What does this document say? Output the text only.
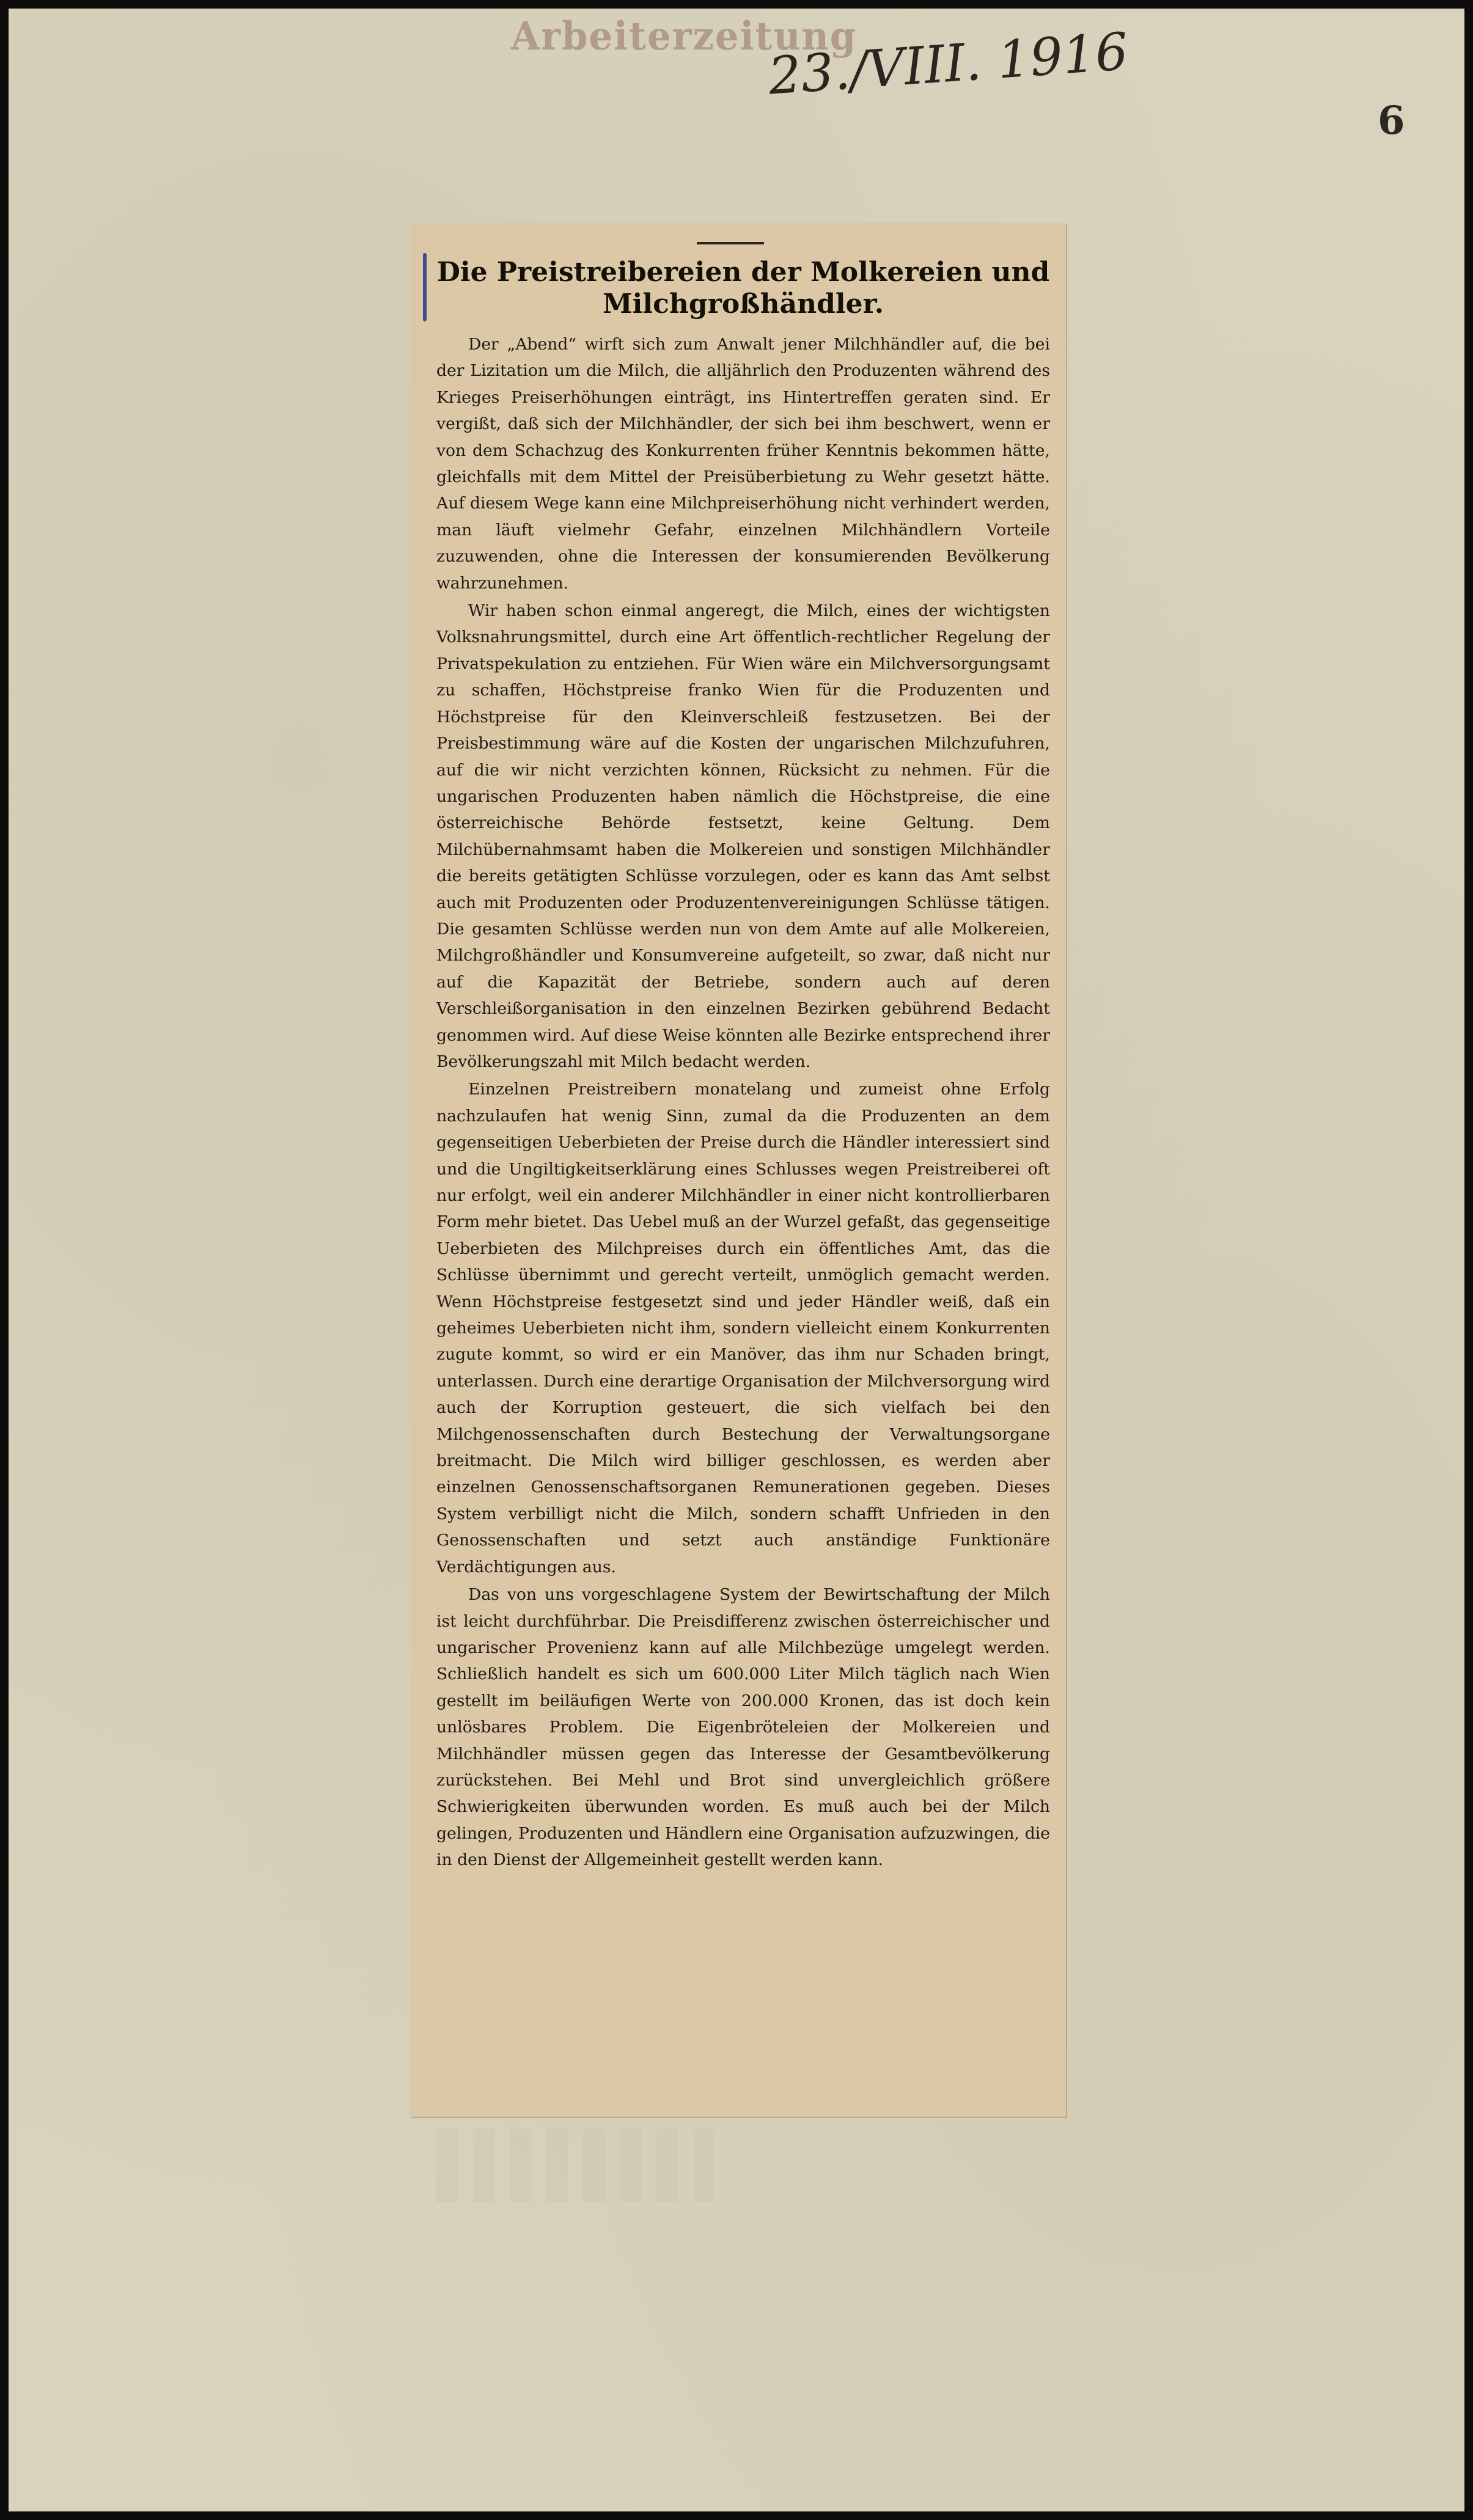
Arbeiterzeitung
23./VIII. 1916
6
Die Preistreibereien der Molkereien und Milchgroßhändler.

Der „Abend“ wirft sich zum Anwalt jener Milchhändler auf, die bei der Lizitation um die Milch, die alljährlich den Produzenten während des Krieges Preiserhöhungen einträgt, ins Hintertreffen geraten sind. Er vergißt, daß sich der Milchhändler, der sich bei ihm beschwert, wenn er von dem Schachzug des Konkurrenten früher Kenntnis bekommen hätte, gleichfalls mit dem Mittel der Preisüberbietung zu Wehr gesetzt hätte. Auf diesem Wege kann eine Milchpreiserhöhung nicht verhindert werden, man läuft vielmehr Gefahr, einzelnen Milchhändlern Vorteile zuzuwenden, ohne die Interessen der konsumierenden Bevölkerung wahrzunehmen.

Wir haben schon einmal angeregt, die Milch, eines der wichtigsten Volksnahrungsmittel, durch eine Art öffentlich-rechtlicher Regelung der Privatspekulation zu entziehen. Für Wien wäre ein Milchversorgungsamt zu schaffen, Höchstpreise franko Wien für die Produzenten und Höchstpreise für den Kleinverschleiß festzusetzen. Bei der Preisbestimmung wäre auf die Kosten der ungarischen Milchzufuhren, auf die wir nicht verzichten können, Rücksicht zu nehmen. Für die ungarischen Produzenten haben nämlich die Höchstpreise, die eine österreichische Behörde festsetzt, keine Geltung. Dem Milchübernahmsamt haben die Molkereien und sonstigen Milchhändler die bereits getätigten Schlüsse vorzulegen, oder es kann das Amt selbst auch mit Produzenten oder Produzentenvereinigungen Schlüsse tätigen. Die gesamten Schlüsse werden nun von dem Amte auf alle Molkereien, Milchgroßhändler und Konsumvereine aufgeteilt, so zwar, daß nicht nur auf die Kapazität der Betriebe, sondern auch auf deren Verschleißorganisation in den einzelnen Bezirken gebührend Bedacht genommen wird. Auf diese Weise könnten alle Bezirke entsprechend ihrer Bevölkerungszahl mit Milch bedacht werden.

Einzelnen Preistreibern monatelang und zumeist ohne Erfolg nachzulaufen hat wenig Sinn, zumal da die Produzenten an dem gegenseitigen Ueberbieten der Preise durch die Händler interessiert sind und die Ungiltigkeitserklärung eines Schlusses wegen Preistreiberei oft nur erfolgt, weil ein anderer Milchhändler in einer nicht kontrollierbaren Form mehr bietet. Das Uebel muß an der Wurzel gefaßt, das gegenseitige Ueberbieten des Milchpreises durch ein öffentliches Amt, das die Schlüsse übernimmt und gerecht verteilt, unmöglich gemacht werden. Wenn Höchstpreise festgesetzt sind und jeder Händler weiß, daß ein geheimes Ueberbieten nicht ihm, sondern vielleicht einem Konkurrenten zugute kommt, so wird er ein Manöver, das ihm nur Schaden bringt, unterlassen. Durch eine derartige Organisation der Milchversorgung wird auch der Korruption gesteuert, die sich vielfach bei den Milchgenossenschaften durch Bestechung der Verwaltungsorgane breitmacht. Die Milch wird billiger geschlossen, es werden aber einzelnen Genossenschaftsorganen Remunerationen gegeben. Dieses System verbilligt nicht die Milch, sondern schafft Unfrieden in den Genossenschaften und setzt auch anständige Funktionäre Verdächtigungen aus.

Das von uns vorgeschlagene System der Bewirtschaftung der Milch ist leicht durchführbar. Die Preisdifferenz zwischen österreichischer und ungarischer Provenienz kann auf alle Milchbezüge umgelegt werden. Schließlich handelt es sich um 600.000 Liter Milch täglich nach Wien gestellt im beiläufigen Werte von 200.000 Kronen, das ist doch kein unlösbares Problem. Die Eigenbröteleien der Molkereien und Milchhändler müssen gegen das Interesse der Gesamtbevölkerung zurückstehen. Bei Mehl und Brot sind unvergleichlich größere Schwierigkeiten überwunden worden. Es muß auch bei der Milch gelingen, Produzenten und Händlern eine Organisation aufzuzwingen, die in den Dienst der Allgemeinheit gestellt werden kann.
